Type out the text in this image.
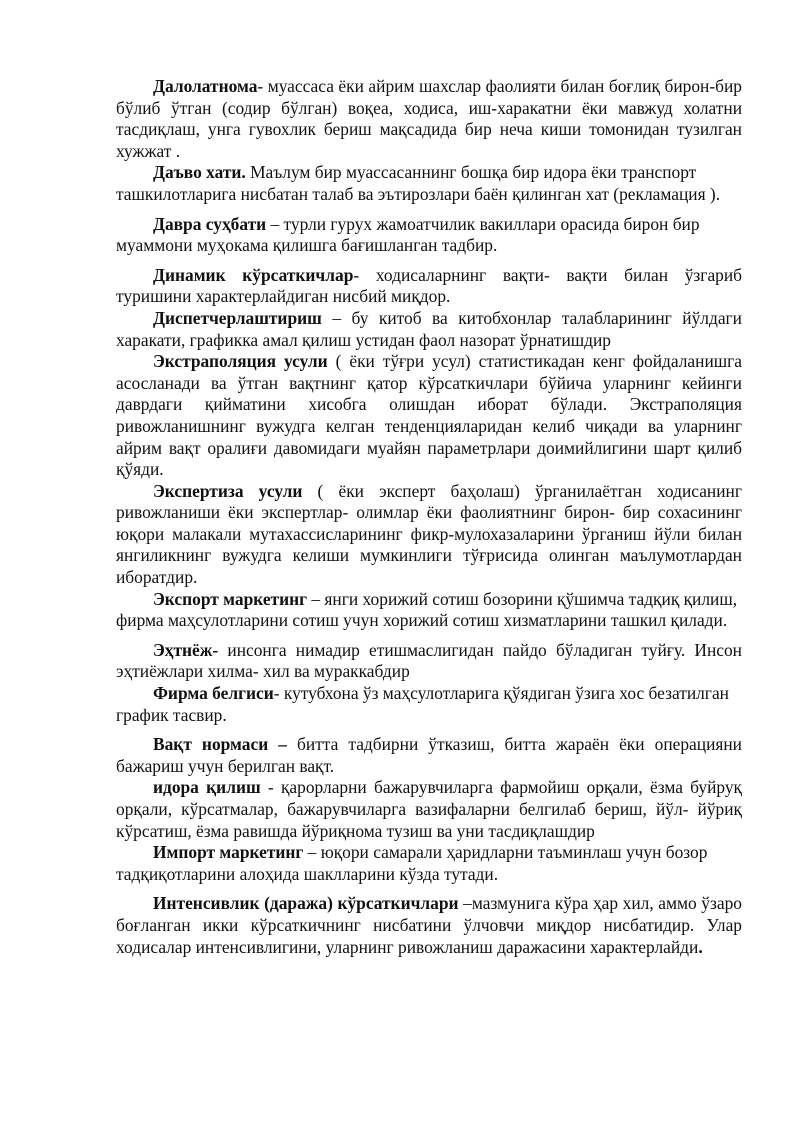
Далолатнома- муассаса ёки айрим шахслар фаолияти билан боғлиқ бирон-бир бўлиб ўтган (содир бўлган) воқеа, ходиса, иш-харакатни ёки мавжуд холатни тасдиқлаш, унга гувохлик бериш мақсадида бир неча киши томонидан тузилган хужжат .

Даъво хати. Маълум бир муассасаннинг бошқа бир идора ёки транспорт ташкилотларига нисбатан талаб ва эътирозлари баён қилинган хат (рекламация ).

Давра суҳбати – турли гурух жамоатчилик вакиллари орасида бирон бир муаммони муҳокама қилишга бағишланган тадбир.

Динамик кўрсаткичлар- ходисаларнинг вақти- вақти билан ўзгариб туришини характерлайдиган нисбий миқдор.

Диспетчерлаштириш – бу китоб ва китобхонлар талабларининг йўлдаги харакати, графикка амал қилиш устидан фаол назорат ўрнатишдир

Экстраполяция усули ( ёки тўғри усул) статистикадан кенг фойдаланишга асосланади ва ўтган вақтнинг қатор кўрсаткичлари бўйича уларнинг кейинги даврдаги қийматини хисобга олишдан иборат бўлади. Экстраполяция ривожланишнинг вужудга келган тенденцияларидан келиб чиқади ва уларнинг айрим вақт оралиғи давомидаги муайян параметрлари доимийлигини шарт қилиб қўяди.

Экспертиза усули ( ёки эксперт баҳолаш) ўрганилаётган ходисанинг ривожланиши ёки экспертлар- олимлар ёки фаолиятнинг бирон- бир сохасининг юқори малакали мутахассисларининг фикр-мулохазаларини ўрганиш йўли билан янгиликнинг вужудга келиши мумкинлиги тўғрисида олинган маълумотлардан иборатдир.

Экспорт маркетинг – янги хорижий сотиш бозорини қўшимча тадқиқ қилиш, фирма маҳсулотларини сотиш учун хорижий сотиш хизматларини ташкил қилади.

Эҳтнёж- инсонга нимадир етишмаслигидан пайдо бўладиган туйғу. Инсон эҳтиёжлари хилма- хил ва мураккабдир

Фирма белгиси- кутубхона ўз маҳсулотларига қўядиган ўзига хос безатилган график тасвир.

Вақт нормаси – битта тадбирни ўтказиш, битта жараён ёки операцияни бажариш учун берилган вақт.

идора қилиш - қарорларни бажарувчиларга фармойиш орқали, ёзма буйруқ орқали, кўрсатмалар, бажарувчиларга вазифаларни белгилаб бериш, йўл- йўриқ кўрсатиш, ёзма равишда йўриқнома тузиш ва уни тасдиқлашдир

Импорт маркетинг – юқори самарали ҳаридларни таъминлаш учун бозор тадқиқотларини алоҳида шаклларини кўзда тутади.

Интенсивлик (даража) кўрсаткичлари –мазмунига кўра ҳар хил, аммо ўзаро боғланган икки кўрсаткичнинг нисбатини ўлчовчи миқдор нисбатидир. Улар ходисалар интенсивлигини, уларнинг ривожланиш даражасини характерлайди.
